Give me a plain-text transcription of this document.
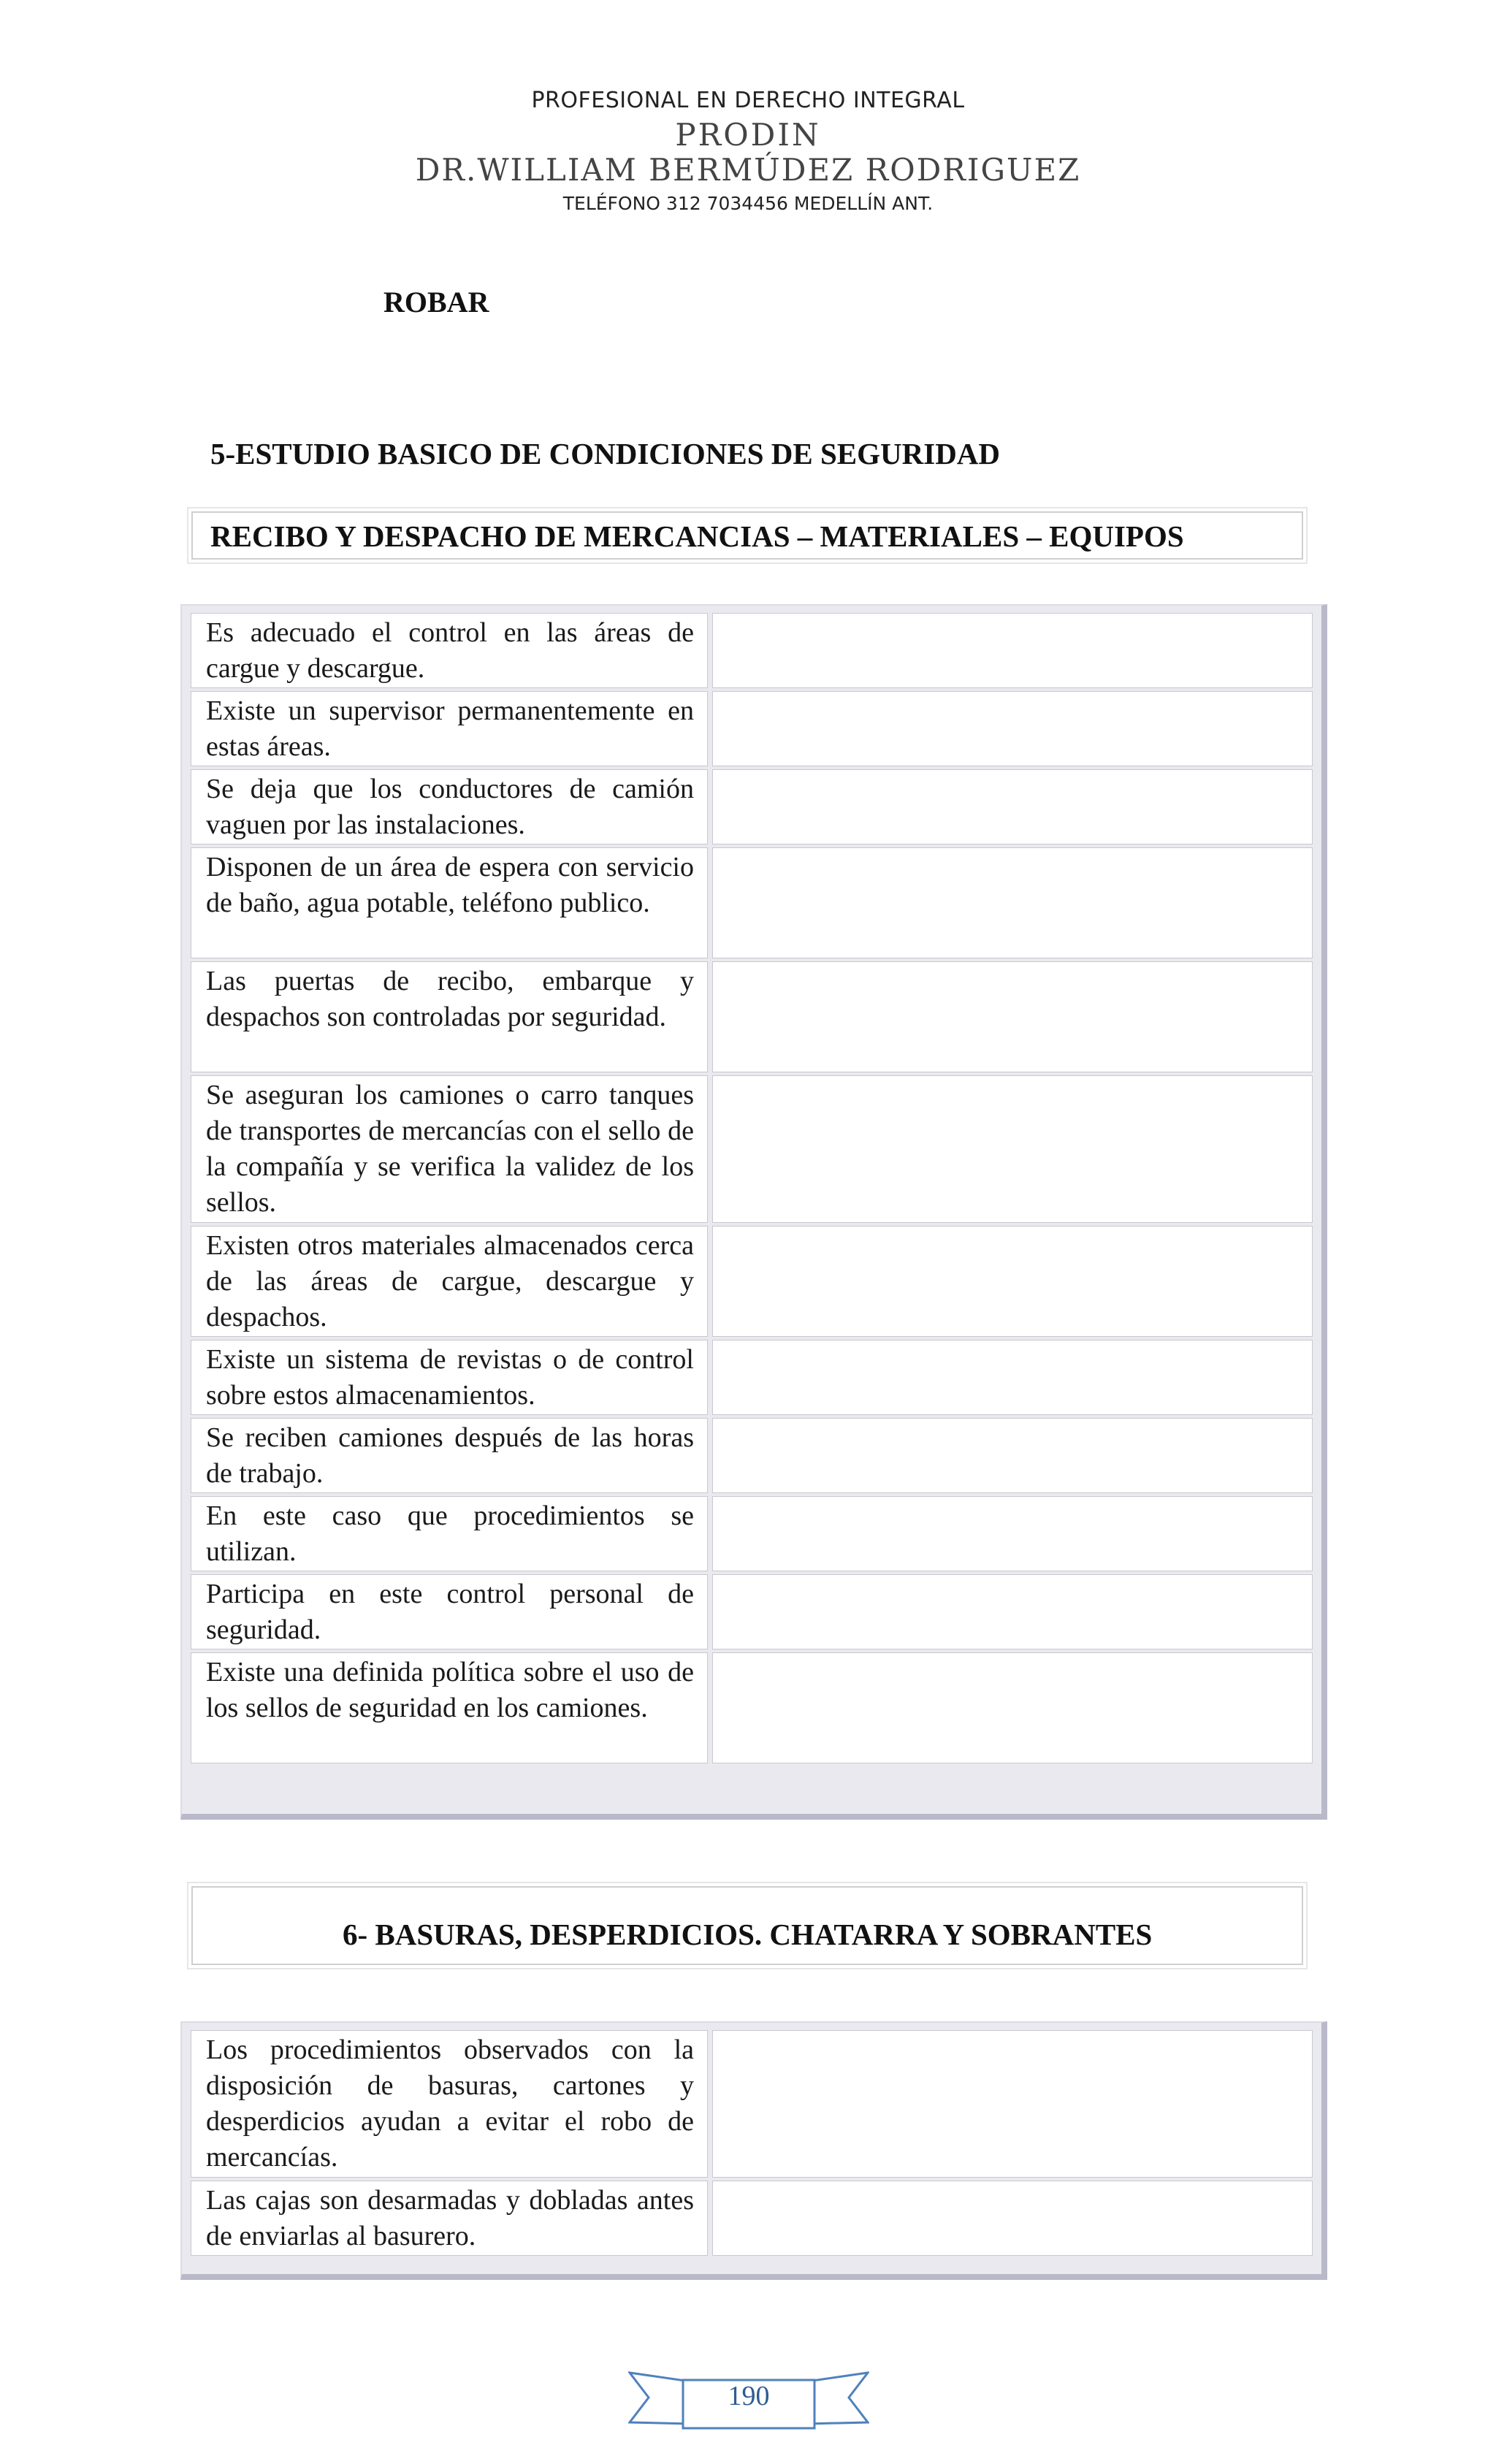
PROFESIONAL EN DERECHO INTEGRAL
PRODIN
DR.WILLIAM BERMÚDEZ RODRIGUEZ
TELÉFONO 312 7034456 MEDELLÍN ANT.
ROBAR
5-ESTUDIO BASICO DE CONDICIONES DE SEGURIDAD
RECIBO Y DESPACHO DE MERCANCIAS – MATERIALES – EQUIPOS
Es adecuado el control en las áreas de cargue y descargue.
Existe un supervisor permanentemente en estas áreas.
Se deja que los conductores de camión vaguen por las instalaciones.
Disponen de un área de espera con servicio de baño, agua potable, teléfono publico.
Las puertas de recibo, embarque y despachos son controladas por seguridad.
Se aseguran los camiones o carro tanques de transportes de mercancías con el sello de la compañía y se verifica la validez de los sellos.
Existen otros materiales almacenados cerca de las áreas de cargue, descargue y despachos.
Existe un sistema de revistas o de control sobre estos almacenamientos.
Se reciben camiones después de las horas de trabajo.
En este caso que procedimientos se utilizan.
Participa en este control personal de seguridad.
Existe una definida política sobre el uso de los sellos de seguridad en los camiones.
6- BASURAS, DESPERDICIOS. CHATARRA Y SOBRANTES
Los procedimientos observados con la disposición de basuras, cartones y desperdicios ayudan a evitar el robo de mercancías.
Las cajas son desarmadas y dobladas antes de enviarlas al basurero.
190
